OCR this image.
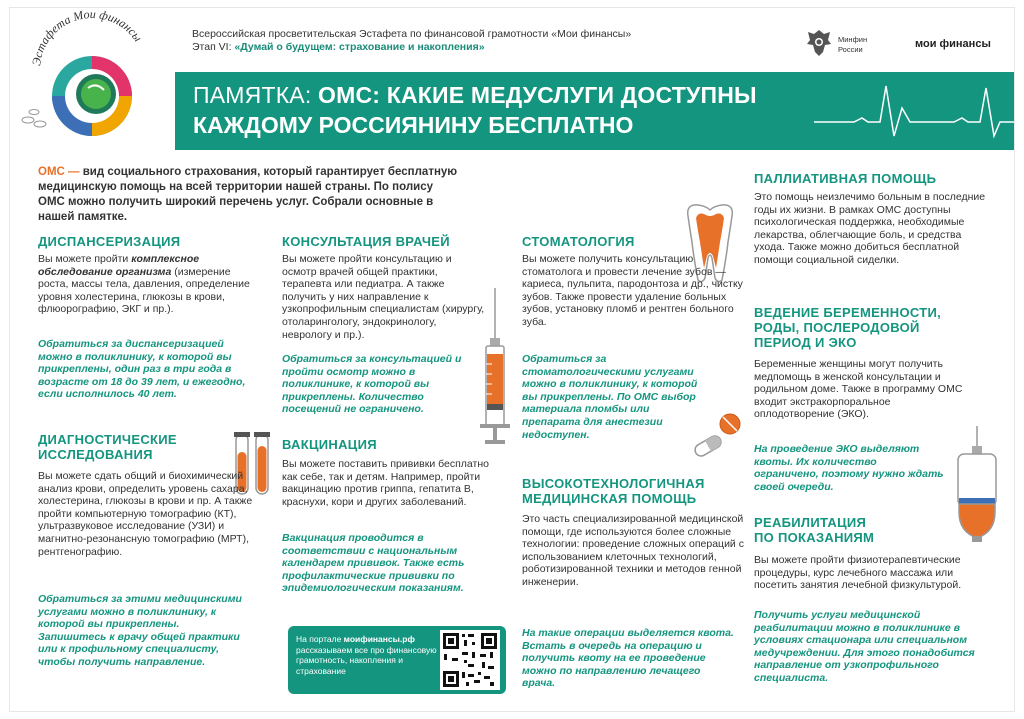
Эстафета Мои финансы	Всероссийская просветительская Эстафета по финансовой грамотности «Мои финансы»
Этап VI: «Думай о будущем: страхование и накопления»
Минфин
России	мои финансы
ПАМЯТКА: ОМС: КАКИЕ МЕДУСЛУГИ ДОСТУПНЫ
КАЖДОМУ РОССИЯНИНУ БЕСПЛАТНО
ОМС — вид социального страхования, который гарантирует бесплатную медицинскую помощь на всей территории нашей страны. По полису ОМС можно получить широкий перечень услуг. Собрали основные в нашей памятке.
ДИСПАНСЕРИЗАЦИЯ
Вы можете пройти комплексное обследование организма (измерение роста, массы тела, давления, определение уровня холестерина, глюкозы в крови, флюорографию, ЭКГ и пр.).
Обратиться за диспансеризацией можно в поликлинику, к которой вы прикреплены, один раз в три года в возрасте от 18 до 39 лет, и ежегодно, если исполнилось 40 лет.
ДИАГНОСТИЧЕСКИЕ
ИССЛЕДОВАНИЯ
Вы можете сдать общий и биохимический анализ крови, определить уровень сахара, холестерина, глюкозы в крови и пр. А также пройти компьютерную томографию (КТ), ультразвуковое исследование (УЗИ) и магнитно-резонансную томографию (МРТ), рентгенографию.
Обратиться за этими медицинскими услугами можно в поликлинику, к которой вы прикреплены. Запишитесь к врачу общей практики или к профильному специалисту, чтобы получить направление.
КОНСУЛЬТАЦИЯ ВРАЧЕЙ
Вы можете пройти консультацию и осмотр врачей общей практики, терапевта или педиатра. А также получить у них направление к узкопрофильным специалистам (хирургу, отоларингологу, эндокринологу, неврологу и пр.).
Обратиться за консультацией и пройти осмотр можно в поликлинике, к которой вы прикреплены. Количество посещений не ограничено.
ВАКЦИНАЦИЯ
Вы можете поставить прививки бесплатно как себе, так и детям. Например, пройти вакцинацию против гриппа, гепатита В, краснухи, кори и других заболеваний.
Вакцинация проводится в соответствии с национальным календарем прививок. Также есть профилактические прививки по эпидемиологическим показаниям.
На портале моифинансы.рф рассказываем все про финансовую грамотность, накопления и страхование
СТОМАТОЛОГИЯ
Вы можете получить консультацию стоматолога и провести лечение зубов — кариеса, пульпита, пародонтоза и др., чистку зубов. Также провести удаление больных зубов, установку пломб и рентген больного зуба.
Обратиться за стоматологическими услугами можно в поликлинику, к которой вы прикреплены. По ОМС выбор материала пломбы или препарата для анестезии недоступен.
ВЫСОКОТЕХНОЛОГИЧНАЯ
МЕДИЦИНСКАЯ ПОМОЩЬ
Это часть специализированной медицинской помощи, где используются более сложные технологии: проведение сложных операций с использованием клеточных технологий, роботизированной техники и методов генной инженерии.
На такие операции выделяется квота. Встать в очередь на операцию и получить квоту на ее проведение можно по направлению лечащего врача.
ПАЛЛИАТИВНАЯ ПОМОЩЬ
Это помощь неизлечимо больным в последние годы их жизни. В рамках ОМС доступны психологическая поддержка, необходимые лекарства, облегчающие боль, и средства ухода. Также можно добиться бесплатной помощи социальной сиделки.
ВЕДЕНИЕ БЕРЕМЕННОСТИ,
РОДЫ, ПОСЛЕРОДОВОЙ
ПЕРИОД И ЭКО
Беременные женщины могут получить медпомощь в женской консультации и родильном доме. Также в программу ОМС входит экстракорпоральное оплодотворение (ЭКО).
На проведение ЭКО выделяют квоты. Их количество ограничено, поэтому нужно ждать своей очереди.
РЕАБИЛИТАЦИЯ
ПО ПОКАЗАНИЯМ
Вы можете пройти физиотерапевтические процедуры, курс лечебного массажа или посетить занятия лечебной физкультурой.
Получить услуги медицинской реабилитации можно в поликлинике в условиях стационара или специальном медучреждении. Для этого понадобится направление от узкопрофильного специалиста.
